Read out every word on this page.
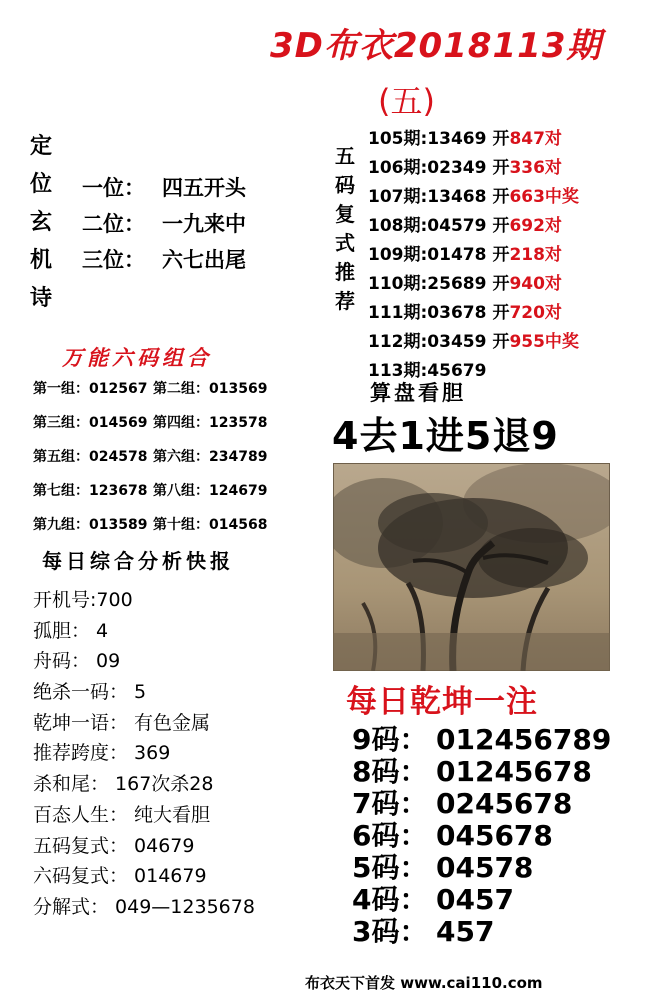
3D布衣2018113期
(五)
定
位
玄
机
诗
一位： 四五开头
二位： 一九来中
三位： 六七出尾
五
码
复
式
推
荐
105期:13469 开847对
106期:02349 开336对
107期:13468 开663中奖
108期:04579 开692对
109期:01478 开218对
110期:25689 开940对
111期:03678 开720对
112期:03459 开955中奖
113期:45679
万能六码组合
第一组：012567 第二组：013569
第三组：014569 第四组：123578
第五组：024578 第六组：234789
第七组：123678 第八组：124679
第九组：013589 第十组：014568
每日综合分析快报
开机号:700
孤胆： 4
舟码： 09
绝杀一码： 5
乾坤一语： 有色金属
推荐跨度： 369
杀和尾： 167次杀28
百态人生： 纯大看胆
五码复式： 04679
六码复式： 014679
分解式： 049—1235678
算盘看胆
4去1进5退9
每日乾坤一注
9码： 012456789
8码： 01245678
7码： 0245678
6码： 045678
5码： 04578
4码： 0457
3码： 457
布衣天下首发 www.cai110.com
